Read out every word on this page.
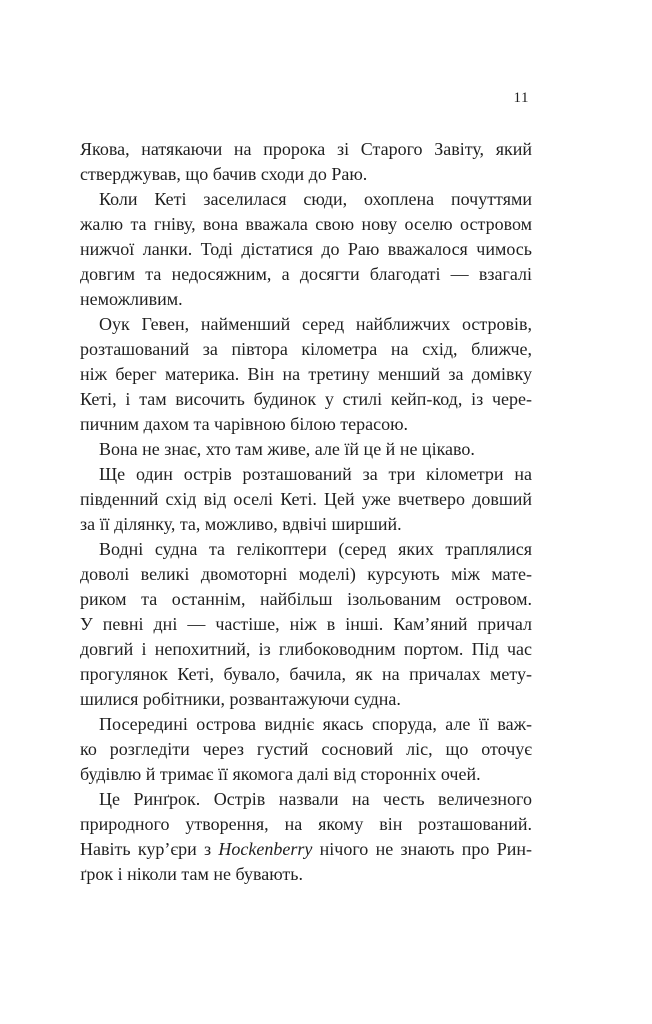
11
Якова, натякаючи на пророка зі Старого Завіту, який
стверджував, що бачив сходи до Раю.
Коли Кеті заселилася сюди, охоплена почуттями
жалю та гніву, вона вважала свою нову оселю островом
нижчої ланки. Тоді дістатися до Раю вважалося чимось
довгим та недосяжним, а досягти благодаті — взагалі
неможливим.
Оук Гевен, найменший серед найближчих островів,
розташований за півтора кілометра на схід, ближче,
ніж берег материка. Він на третину менший за домівку
Кеті, і там височить будинок у стилі кейп-код, із чере-
пичним дахом та чарівною білою терасою.
Вона не знає, хто там живе, але їй це й не цікаво.
Ще один острів розташований за три кілометри на
південний схід від оселі Кеті. Цей уже вчетверо довший
за її ділянку, та, можливо, вдвічі ширший.
Водні судна та гелікоптери (серед яких траплялися
доволі великі двомоторні моделі) курсують між мате-
риком та останнім, найбільш ізольованим островом.
У певні дні — частіше, ніж в інші. Кам’яний причал
довгий і непохитний, із глибоководним портом. Під час
прогулянок Кеті, бувало, бачила, як на причалах мету-
шилися робітники, розвантажуючи судна.
Посередині острова видніє якась споруда, але її важ-
ко розгледіти через густий сосновий ліс, що оточує
будівлю й тримає її якомога далі від сторонніх очей.
Це Ринґрок. Острів назвали на честь величезного
природного утворення, на якому він розташований.
Навіть кур’єри з Hockenberry нічого не знають про Рин-
ґрок і ніколи там не бувають.
